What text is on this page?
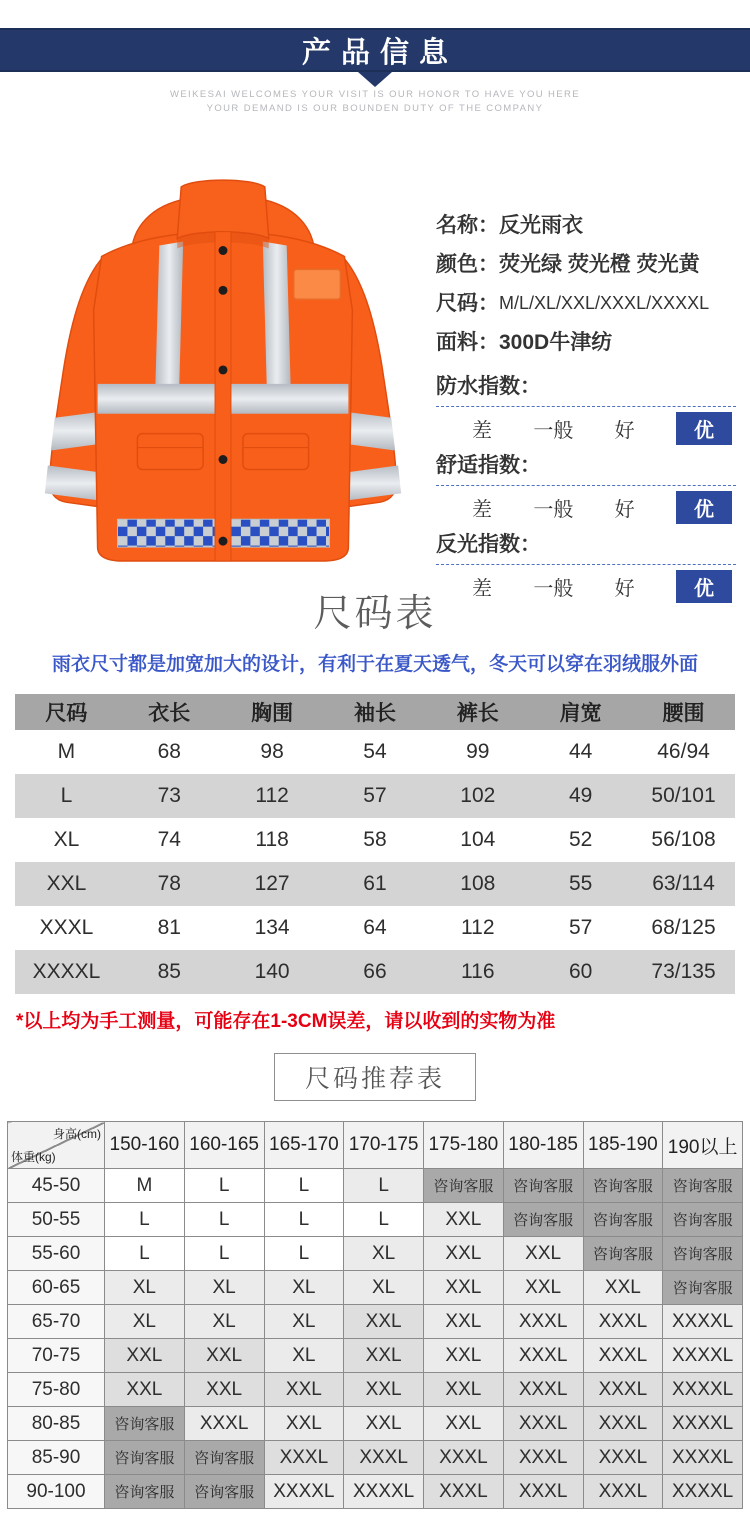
产品信息
WEIKESAI WELCOMES YOUR VISIT IS OUR HONOR TO HAVE YOU HERE
YOUR DEMAND IS OUR BOUNDEN DUTY OF THE COMPANY
名称： 反光雨衣
颜色： 荧光绿 荧光橙 荧光黄
尺码： M/L/XL/XXL/XXXL/XXXXL
面料： 300D牛津纺
防水指数：
差 一般 好	优
舒适指数：
差 一般 好	优
反光指数：
差 一般 好	优
尺码表
雨衣尺寸都是加宽加大的设计，有利于在夏天透气，冬天可以穿在羽绒服外面
尺码	衣长	胸围	袖长	裤长	肩宽	腰围
M	68	98	54	99	44	46/94
L	73	112	57	102	49	50/101
XL	74	118	58	104	52	56/108
XXL	78	127	61	108	55	63/114
XXXL	81	134	64	112	57	68/125
XXXXL	85	140	66	116	60	73/135
*以上均为手工测量，可能存在1-3CM误差，请以收到的实物为准
尺码推荐表
身高(cm)
体重(kg)	150-160	160-165	165-170	170-175	175-180	180-185	185-190	190以上
45-50	M	L	L	L	咨询客服	咨询客服	咨询客服	咨询客服
50-55	L	L	L	L	XXL	咨询客服	咨询客服	咨询客服
55-60	L	L	L	XL	XXL	XXL	咨询客服	咨询客服
60-65	XL	XL	XL	XL	XXL	XXL	XXL	咨询客服
65-70	XL	XL	XL	XXL	XXL	XXXL	XXXL	XXXXL
70-75	XXL	XXL	XL	XXL	XXL	XXXL	XXXL	XXXXL
75-80	XXL	XXL	XXL	XXL	XXL	XXXL	XXXL	XXXXL
80-85	咨询客服	XXXL	XXL	XXL	XXL	XXXL	XXXL	XXXXL
85-90	咨询客服	咨询客服	XXXL	XXXL	XXXL	XXXL	XXXL	XXXXL
90-100	咨询客服	咨询客服	XXXXL	XXXXL	XXXL	XXXL	XXXL	XXXXL
